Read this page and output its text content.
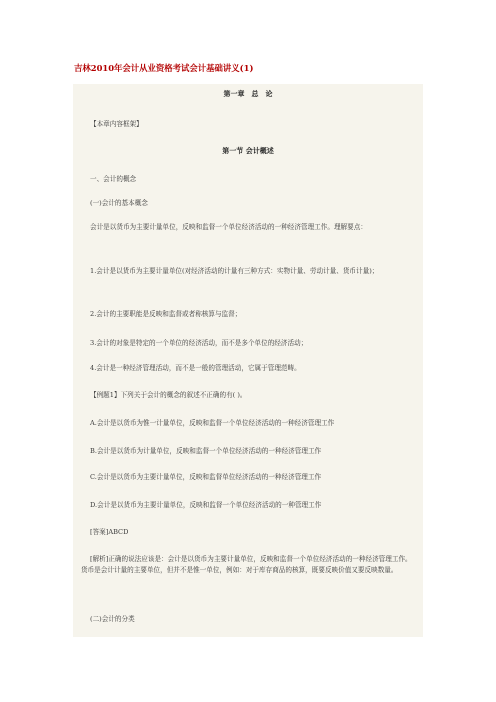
吉林2010年会计从业资格考试会计基础讲义(1)
第一章　总　论
【本章内容框架】
第一节 会计概述
一、会计的概念
(一)会计的基本概念
会计是以货币为主要计量单位，反映和监督一个单位经济活动的一种经济管理工作。理解要点：
1.会计是以货币为主要计量单位(对经济活动的计量有三种方式：实物计量、劳动计量、货币计量)；
2.会计的主要职能是反映和监督或者称核算与监督；
3.会计的对象是特定的一个单位的经济活动，而不是多个单位的经济活动；
4.会计是一种经济管理活动，而不是一般的管理活动，它属于管理范畴。
【例题1】下列关于会计的概念的叙述不正确的有( )。
A.会计是以货币为惟一计量单位，反映和监督一个单位经济活动的一种经济管理工作
B.会计是以货币为计量单位，反映和监督一个单位经济活动的一种经济管理工作
C.会计是以货币为主要计量单位，反映和监督单位经济活动的一种经济管理工作
D.会计是以货币为主要计量单位，反映和监督一个单位经济活动的一种管理工作
[答案]ABCD
[解析]正确的说法应该是：会计是以货币为主要计量单位，反映和监督一个单位经济活动的一种经济管理工作。货币是会计计量的主要单位，但并不是惟一单位，例如：对于库存商品的核算，既要反映价值又要反映数量。
(二)会计的分类
